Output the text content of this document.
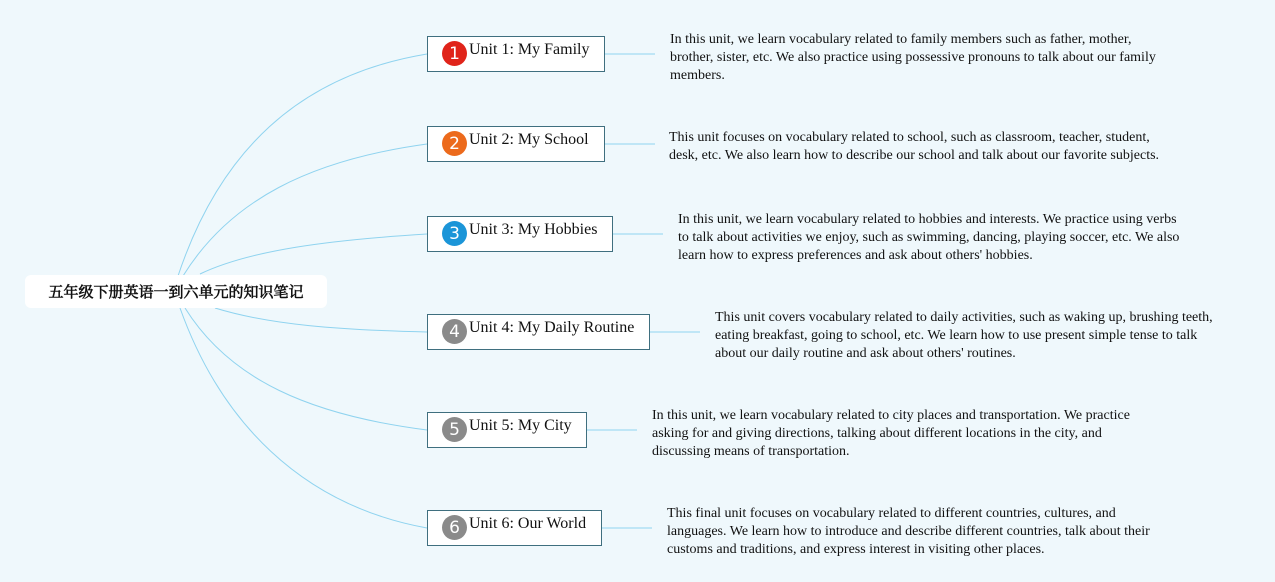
五年级下册英语一到六单元的知识笔记
1 Unit 1: My Family
In this unit, we learn vocabulary related to family members such as father, mother, brother, sister, etc. We also practice using possessive pronouns to talk about our family members.
2 Unit 2: My School	This unit focuses on vocabulary related to school, such as classroom, teacher, student, desk, etc. We also learn how to describe our school and talk about our favorite subjects.
3 Unit 3: My Hobbies
In this unit, we learn vocabulary related to hobbies and interests. We practice using verbs to talk about activities we enjoy, such as swimming, dancing, playing soccer, etc. We also learn how to express preferences and ask about others' hobbies.
4 Unit 4: My Daily Routine
This unit covers vocabulary related to daily activities, such as waking up, brushing teeth, eating breakfast, going to school, etc. We learn how to use present simple tense to talk about our daily routine and ask about others' routines.
5 Unit 5: My City
In this unit, we learn vocabulary related to city places and transportation. We practice asking for and giving directions, talking about different locations in the city, and discussing means of transportation.
6 Unit 6: Our World
This final unit focuses on vocabulary related to different countries, cultures, and languages. We learn how to introduce and describe different countries, talk about their customs and traditions, and express interest in visiting other places.
